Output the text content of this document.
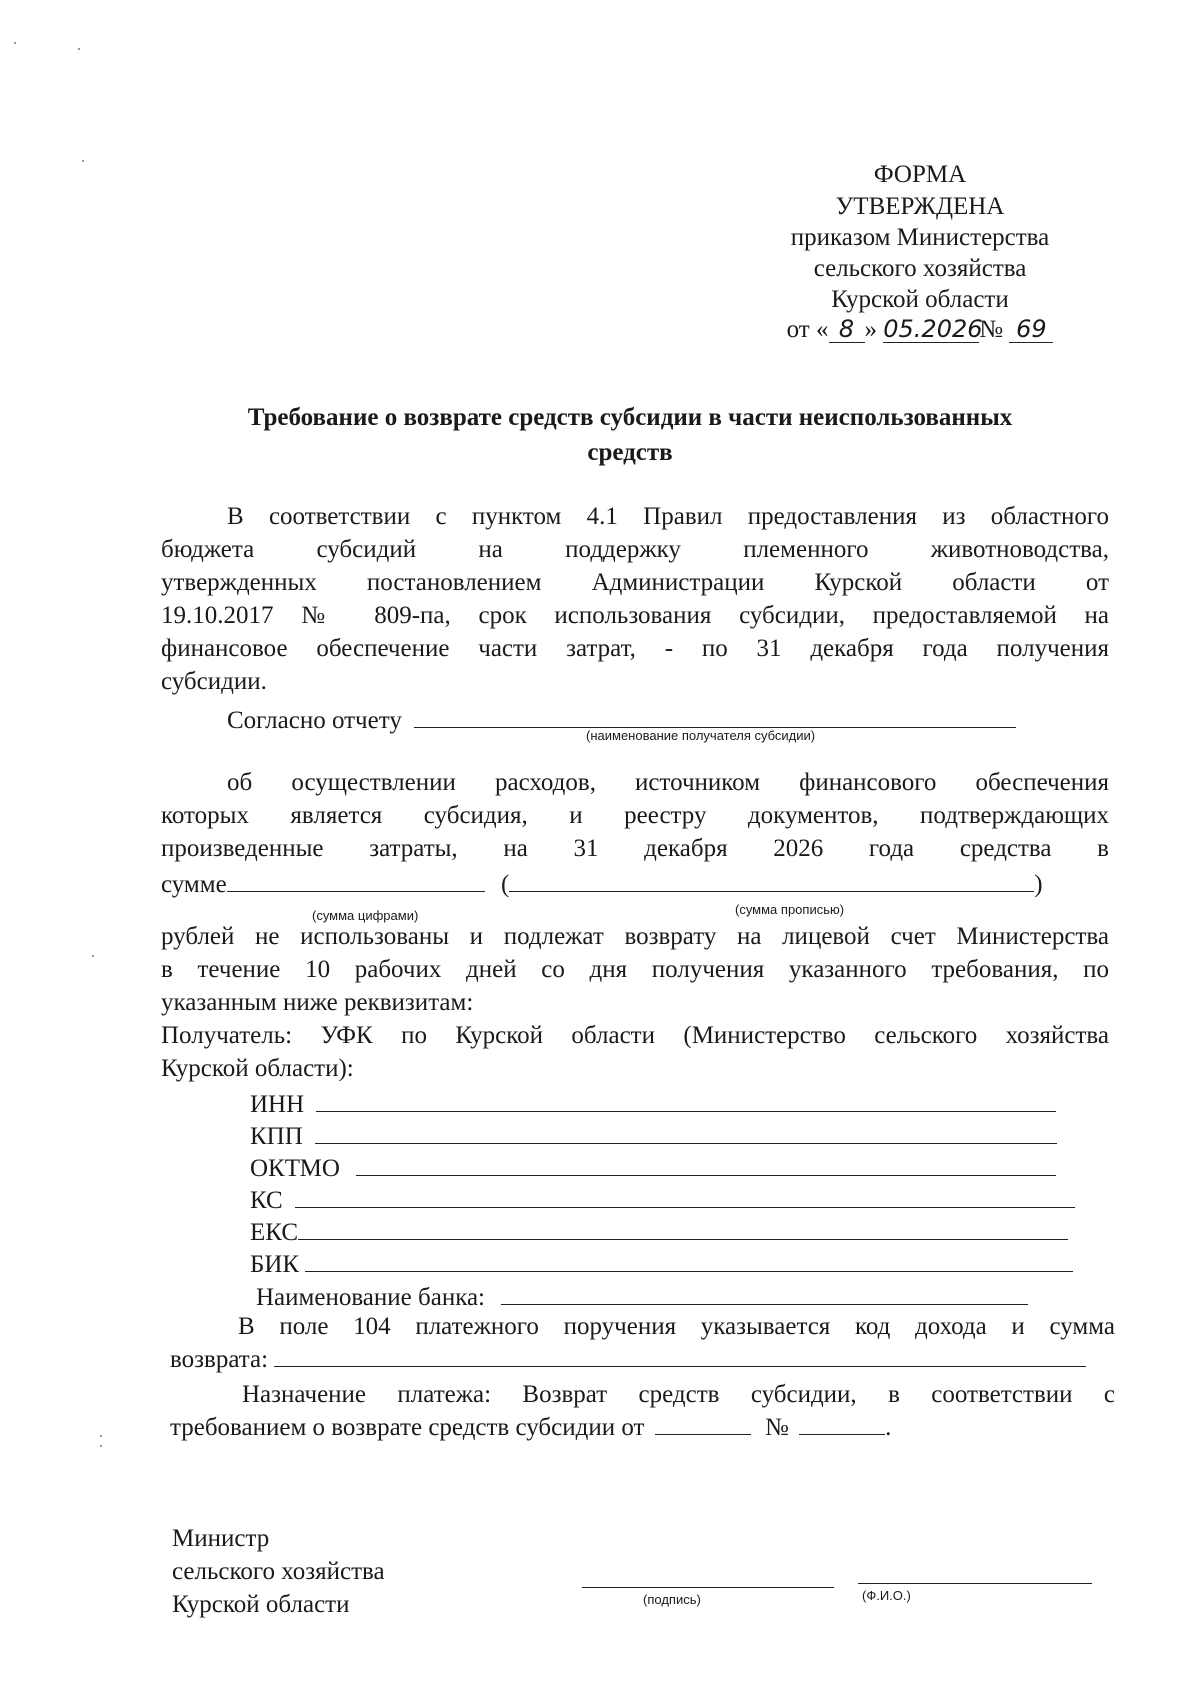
ФОРМА
УТВЕРЖДЕНА
приказом Министерства
сельского хозяйства
Курской области
от « 8 » 05.2026№ 69
Требование о возврате средств субсидии в части неиспользованных
средств
В соответствии с пунктом 4.1 Правил предоставления из областного
бюджета субсидий на поддержку племенного животноводства,
утвержденных постановлением Администрации Курской области от
19.10.2017 № 809-па, срок использования субсидии, предоставляемой на
финансовое обеспечение части затрат, - по 31 декабря года получения
субсидии.
Согласно отчету
(наименование получателя субсидии)
об осуществлении расходов, источником финансового обеспечения
которых является субсидия, и реестру документов, подтверждающих
произведенные затраты, на 31 декабря 2026 года средства в
сумме	(	)
(сумма цифрами)	(сумма прописью)
рублей не использованы и подлежат возврату на лицевой счет Министерства
в течение 10 рабочих дней со дня получения указанного требования, по
указанным ниже реквизитам:
Получатель: УФК по Курской области (Министерство сельского хозяйства
Курской области):
ИНН
КПП
ОКТМО
КС
ЕКС
БИК
Наименование банка:
В поле 104 платежного поручения указывается код дохода и сумма
возврата:
Назначение платежа: Возврат средств субсидии, в соответствии с
требованием о возврате средств субсидии от	№	.
Министр
сельского хозяйства
Курской области	(подпись)	(Ф.И.О.)
